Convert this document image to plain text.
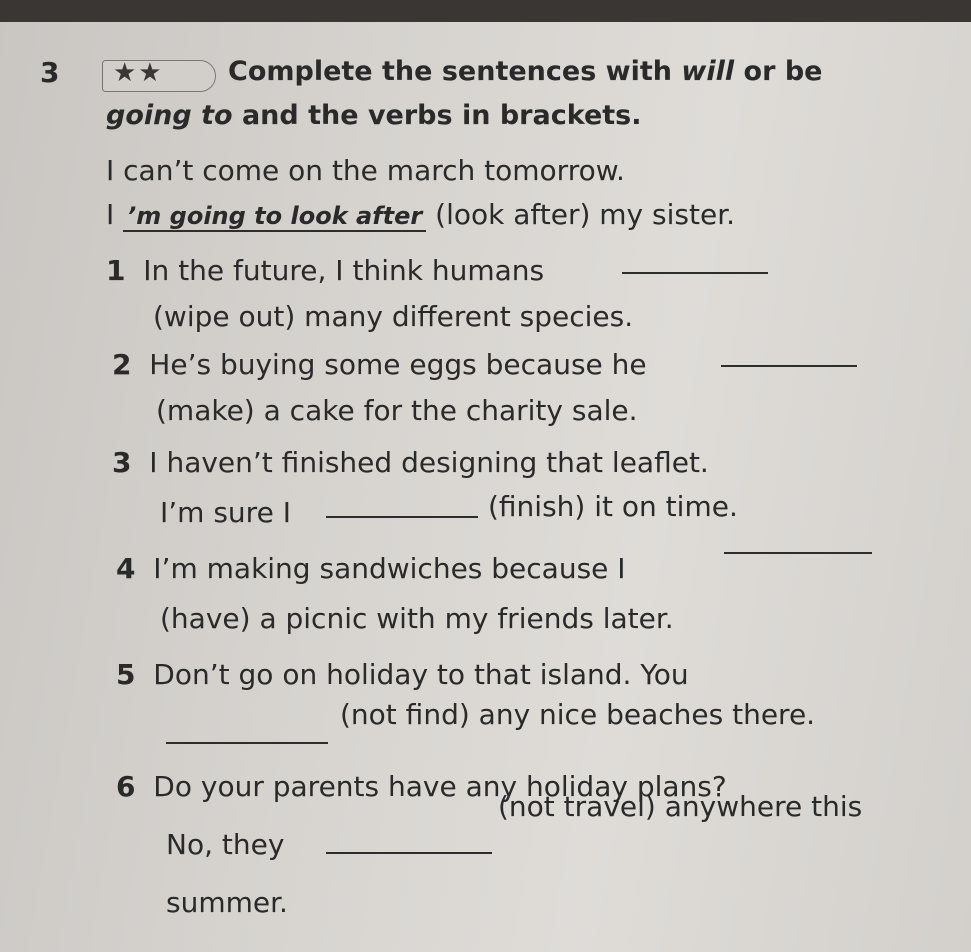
3 ★★ Complete the sentences with will or be
going to and the verbs in brackets.
I can’t come on the march tomorrow.
I ’m going to look after (look after) my sister.
1 In the future, I think humans
(wipe out) many different species.
2 He’s buying some eggs because he
(make) a cake for the charity sale.
3 I haven’t finished designing that leaflet.
I’m sure I	(finish) it on time.
4 I’m making sandwiches because I
(have) a picnic with my friends later.
5 Don’t go on holiday to that island. You
(not find) any nice beaches there.
6 Do your parents have any holiday plans?
No, they
(not travel) anywhere this
summer.
